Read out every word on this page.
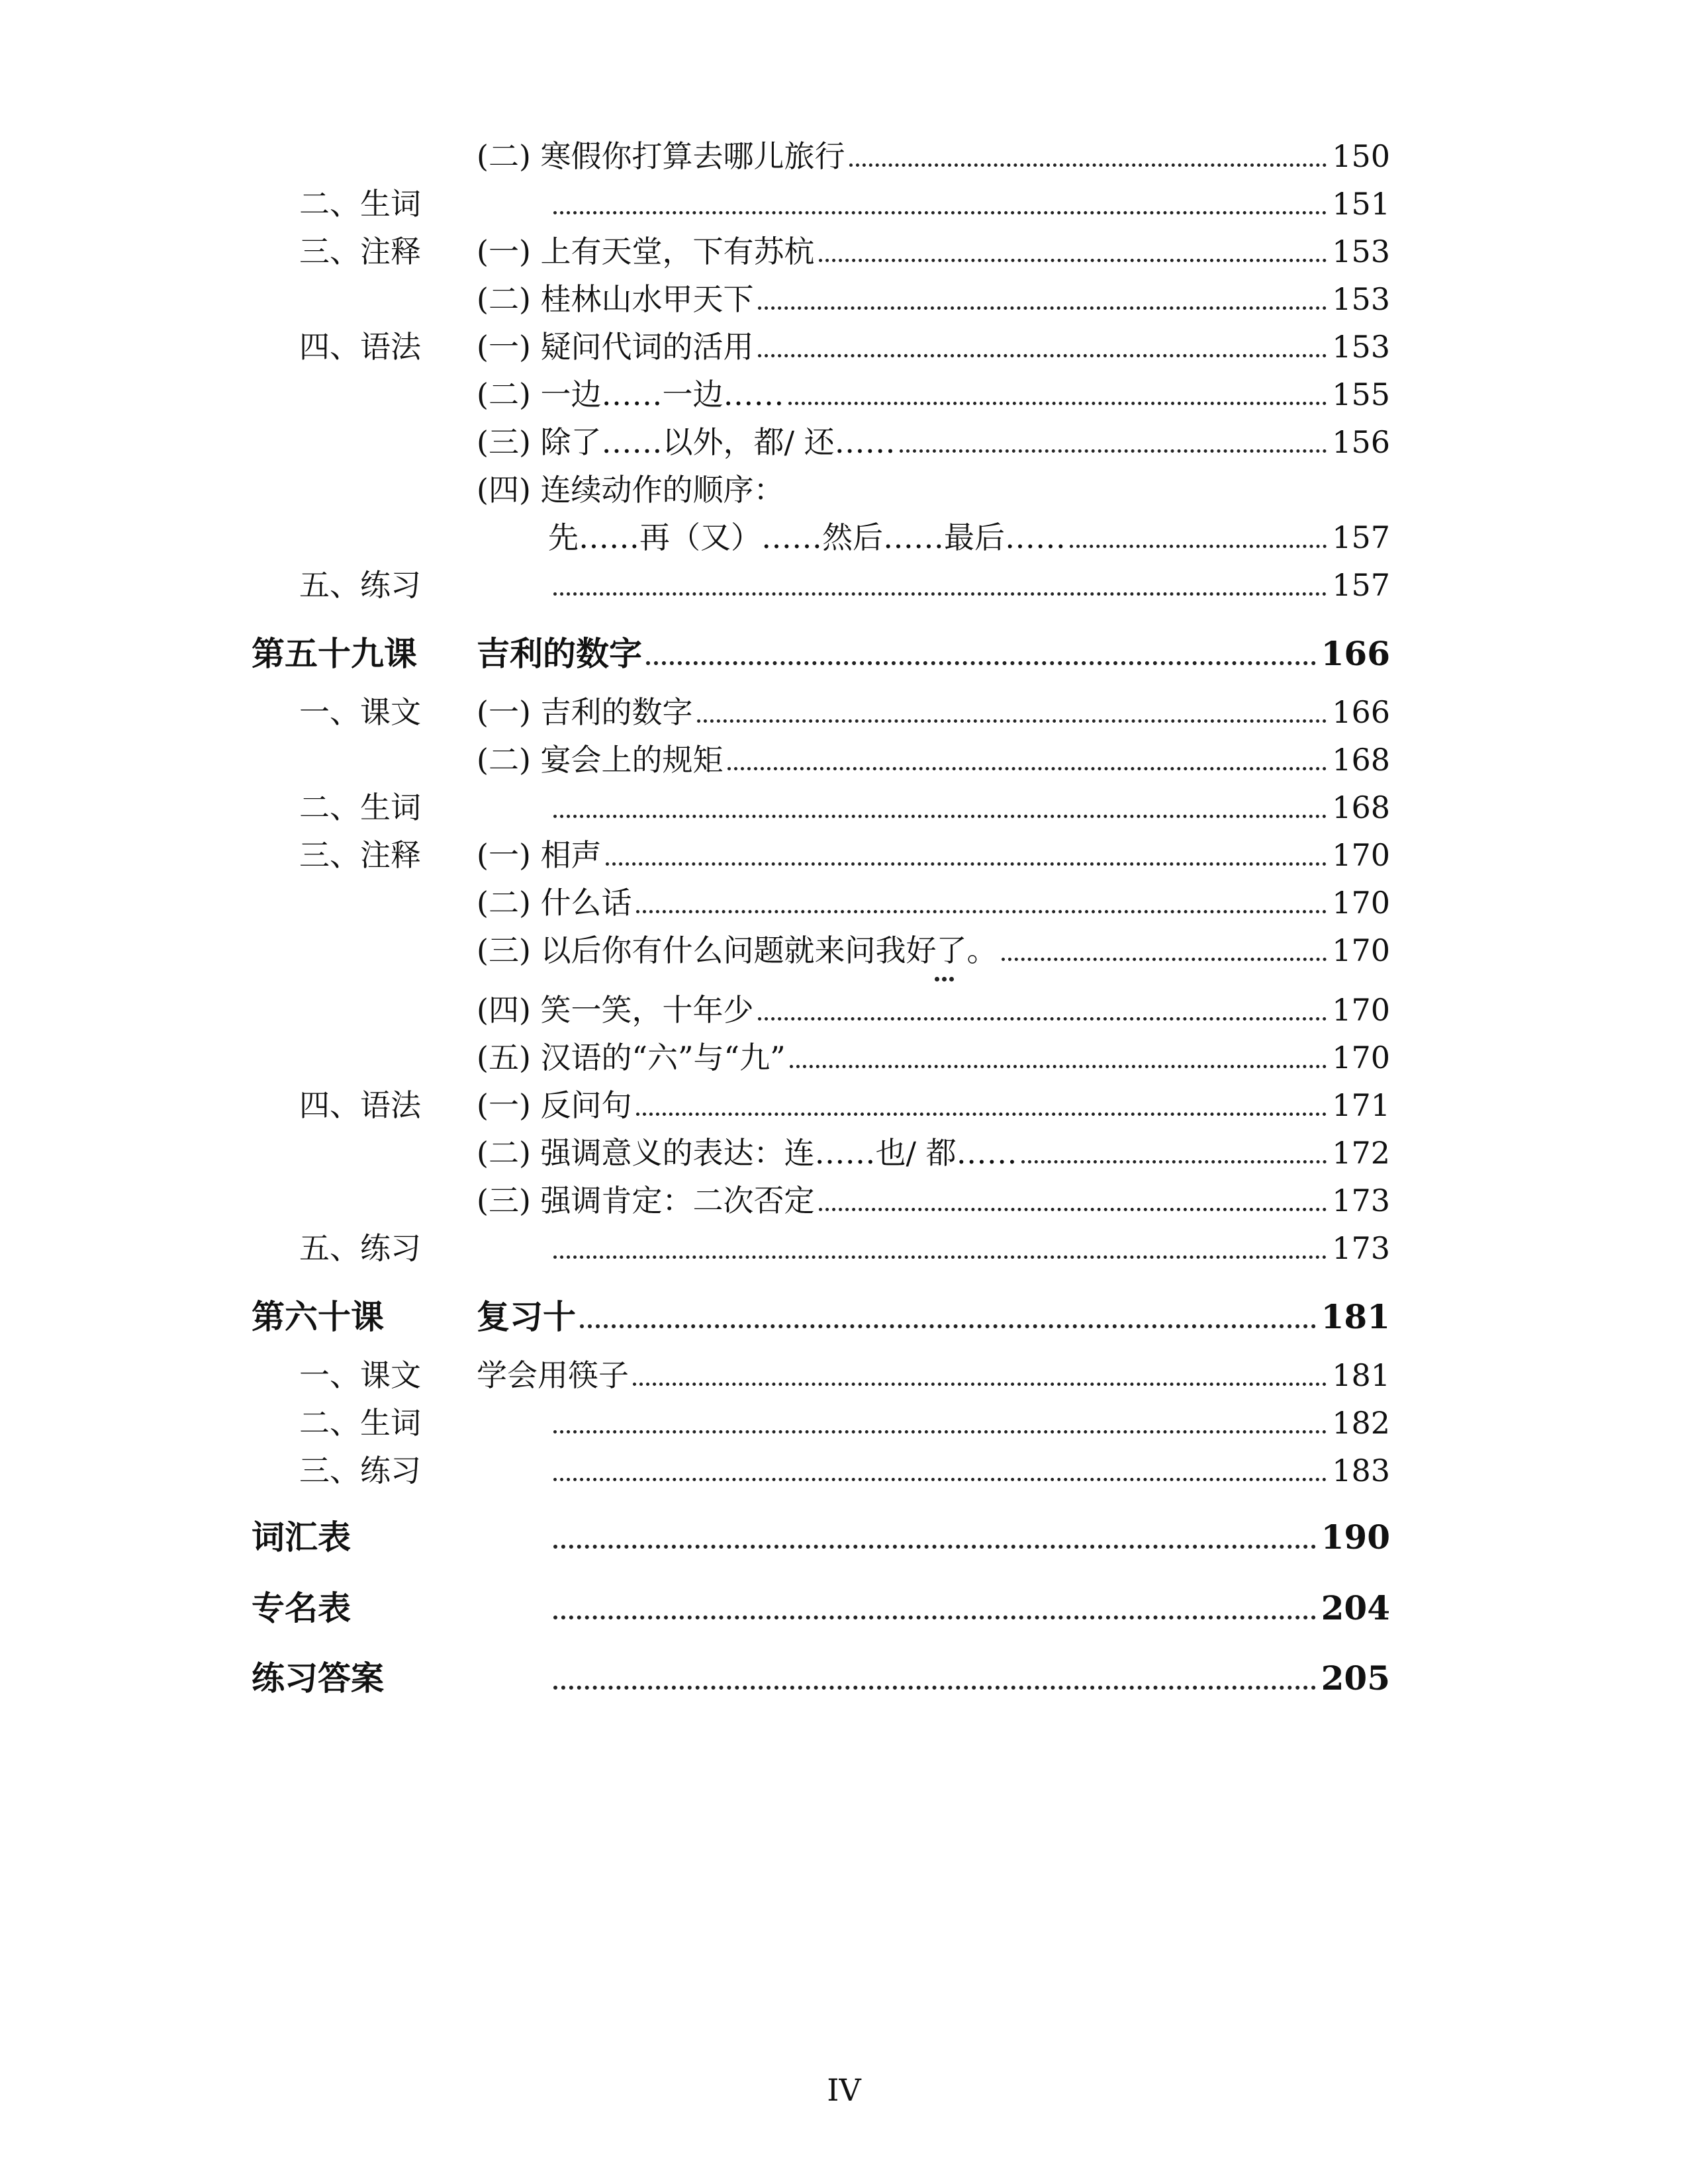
(二) 寒假你打算去哪儿旅行	150
二、生词	151
三、注释 (一) 上有天堂，下有苏杭	153
(二) 桂林山水甲天下	153
四、语法 (一) 疑问代词的活用	153
(二) 一边……一边……	155
(三) 除了……以外，都/ 还……	156
(四) 连续动作的顺序：
先……再（又）……然后……最后……	157
五、练习	157
第五十九课 吉利的数字	166
一、课文 (一) 吉利的数字	166
(二) 宴会上的规矩	168
二、生词	168
三、注释 (一) 相声	170
(二) 什么话	170
(三) 以后你有什么问题就来问我好了。	170
(四) 笑一笑，十年少	170
(五) 汉语的“六”与“九”	170
四、语法 (一) 反问句	171
(二) 强调意义的表达：连……也/ 都……	172
(三) 强调肯定：二次否定	173
五、练习	173
第六十课	复习十	181
一、课文 学会用筷子	181
二、生词	182
三、练习	183
词汇表	190
专名表	204
练习答案	205
IV
